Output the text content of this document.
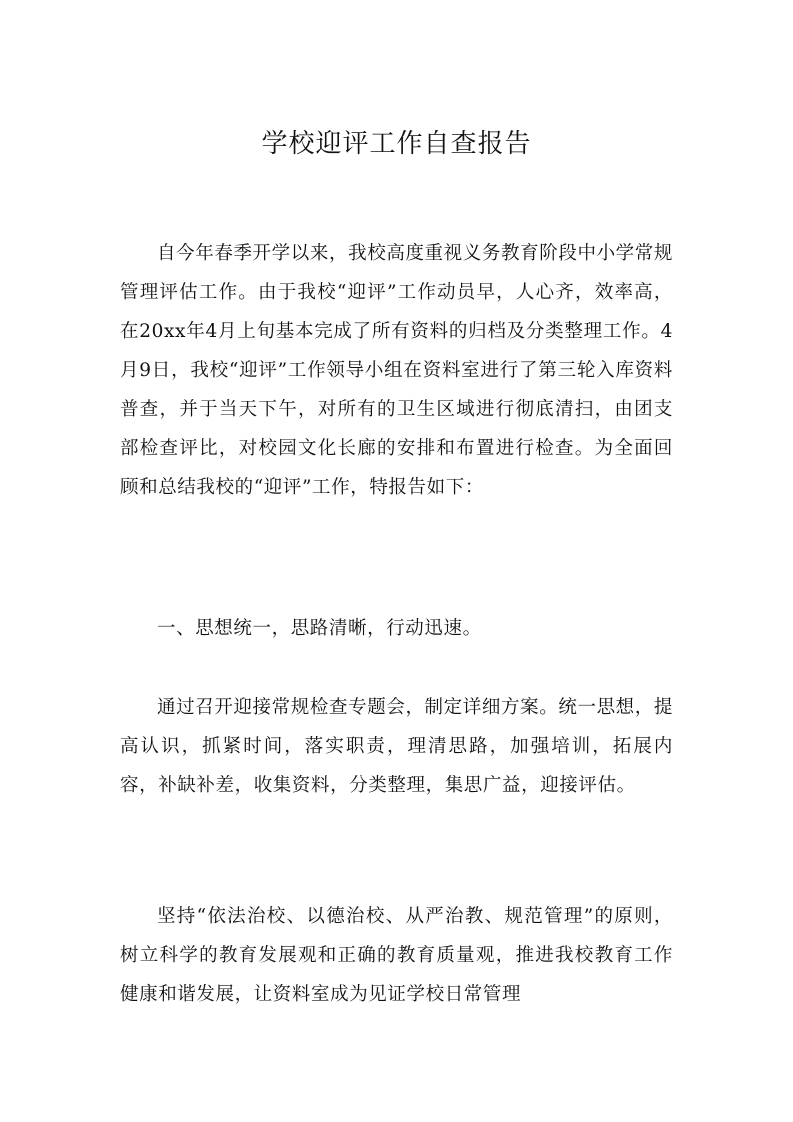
学校迎评工作自查报告

自今年春季开学以来，我校高度重视义务教育阶段中小学常规管理评估工作。由于我校“迎评”工作动员早，人心齐，效率高，在20xx年4月上旬基本完成了所有资料的归档及分类整理工作。4月9日，我校“迎评”工作领导小组在资料室进行了第三轮入库资料普查，并于当天下午，对所有的卫生区域进行彻底清扫，由团支部检查评比，对校园文化长廊的安排和布置进行检查。为全面回顾和总结我校的“迎评”工作，特报告如下：

一、思想统一，思路清晰，行动迅速。

通过召开迎接常规检查专题会，制定详细方案。统一思想，提高认识，抓紧时间，落实职责，理清思路，加强培训，拓展内容，补缺补差，收集资料，分类整理，集思广益，迎接评估。

坚持“依法治校、以德治校、从严治教、规范管理”的原则，树立科学的教育发展观和正确的教育质量观，推进我校教育工作健康和谐发展，让资料室成为见证学校日常管理
